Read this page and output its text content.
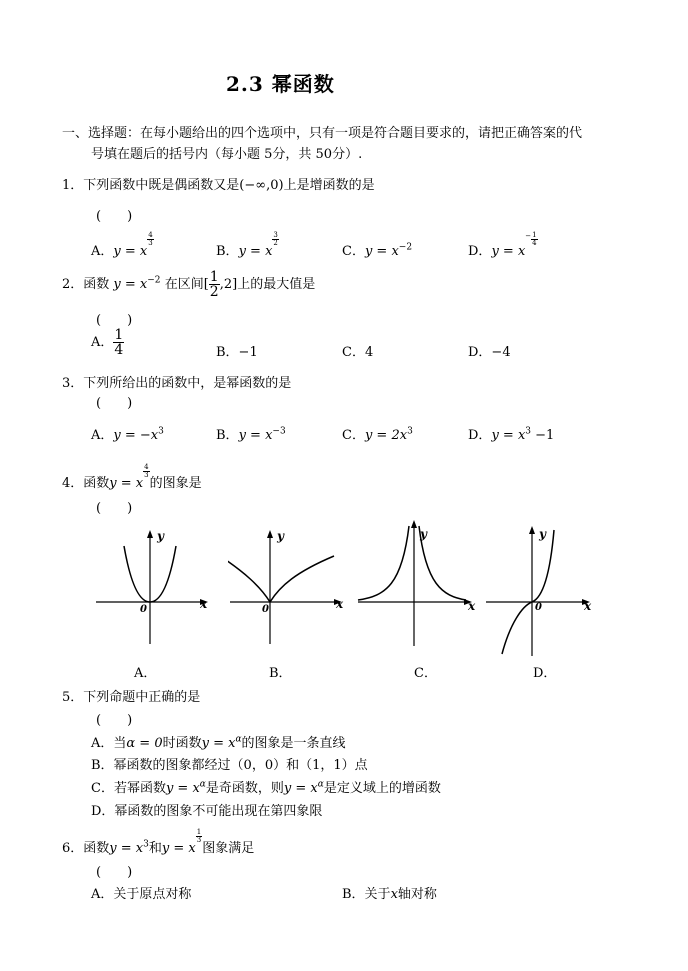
2.3 幂函数
一、选择题：在每小题给出的四个选项中，只有一项是符合题目要求的，请把正确答案的代
号填在题后的括号内（每小题 5分，共 50分）.
1．下列函数中既是偶函数又是(−∞,0)上是增函数的是
(　　)
A．y = x
$\frac{4}{3}$
B．y = x
$\frac{3}{2}$
C．$y = x^{-2}$	D．$y = x- \frac{1}{4}$
2．函数 $y = x^{-2}$ 在区间[ $\frac{1}{2} ,2$]上的最大值是
(　　)
A． $\frac{1}{4}$	B．−1	C．4	D．−4
3．下列所给出的函数中，是幂函数的是
(　　)
A．$y = -x^3$	B．$y = x^{-3}$	C．$y = 2x^3$	D．$y = x^3 -1$
4．函数y = x
$\frac{4}{3}$
的图象是
(　　)
y
x
0
y
x
0
y
x
y
x
0
A．	B．	C．	D．
5．下列命题中正确的是
(　　)
A．当α = 0时函数$y = x^\alpha$的图象是一条直线
B．幂函数的图象都经过（0，0）和（1，1）点
C．若幂函数$y = x^\alpha$是奇函数，则$y = x^\alpha$是定义域上的增函数
D．幂函数的图象不可能出现在第四象限
6．函数$y = x^3$和y = x
$\frac{1}{3}$
图象满足
(　　)
A．关于原点对称	B．关于x轴对称
